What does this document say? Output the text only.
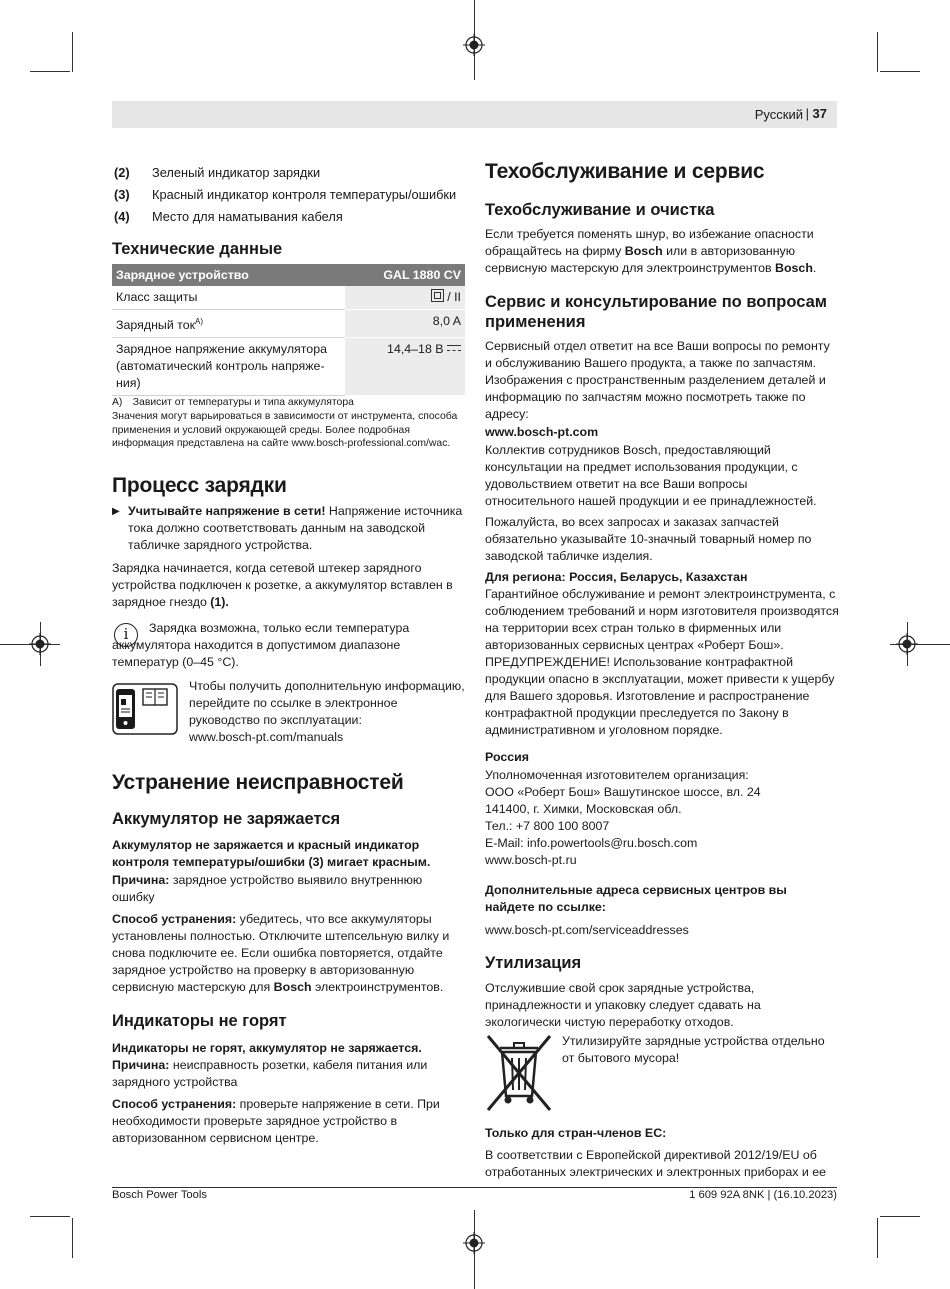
Русский | 37
(2)	Зеленый индикатор зарядки
(3)	Красный индикатор контроля температуры/ошибки
(4)	Место для наматывания кабеля
Технические данные
Зарядное устройство	GAL 1880 CV
Класс защиты	/ II
Зарядный ток$^{A)}$	8,0 A
Зарядное напряжение аккумулятора (автоматический контроль напряжения)	14,4–18 В
A) Зависит от температуры и типа аккумулятора
Значения могут варьироваться в зависимости от инструмента, способа применения и условий окружающей среды. Более подробная информация представлена на сайте www.bosch-professional.com/wac.
Процесс зарядки
▶ Учитывайте напряжение в сети! Напряжение источника тока должно соответствовать данным на заводской табличке зарядного устройства.

Зарядка начинается, когда сетевой штекер зарядного устройства подключен к розетке, а аккумулятор вставлен в зарядное гнездо (1).

i	Зарядка возможна, только если температура аккумулятора находится в допустимом диапазоне температур (0–45 °C).

Чтобы получить дополнительную информацию, перейдите по ссылке в электронное руководство по эксплуатации:

www.bosch-pt.com/manuals

Устранение неисправностей
Аккумулятор не заряжается

Аккумулятор не заряжается и красный индикатор контроля температуры/ошибки (3) мигает красным.

Причина: зарядное устройство выявило внутреннюю ошибку

Способ устранения: убедитесь, что все аккумуляторы установлены полностью. Отключите штепсельную вилку и снова подключите ее. Если ошибка повторяется, отдайте зарядное устройство на проверку в авторизованную сервисную мастерскую для Bosch электроинструментов.

Индикаторы не горят

Индикаторы не горят, аккумулятор не заряжается.

Причина: неисправность розетки, кабеля питания или зарядного устройства

Способ устранения: проверьте напряжение в сети. При необходимости проверьте зарядное устройство в авторизованном сервисном центре.

Техобслуживание и сервис
Техобслуживание и очистка

Если требуется поменять шнур, во избежание опасности обращайтесь на фирму Bosch или в авторизованную сервисную мастерскую для электроинструментов Bosch.

Сервис и консультирование по вопросам применения

Сервисный отдел ответит на все Ваши вопросы по ремонту и обслуживанию Вашего продукта, а также по запчастям. Изображения с пространственным разделением деталей и информацию по запчастям можно посмотреть также по адресу:

www.bosch-pt.com

Коллектив сотрудников Bosch, предоставляющий консультации на предмет использования продукции, с удовольствием ответит на все Ваши вопросы относительного нашей продукции и ее принадлежностей.

Пожалуйста, во всех запросах и заказах запчастей обязательно указывайте 10-значный товарный номер по заводской табличке изделия.

Для региона: Россия, Беларусь, Казахстан

Гарантийное обслуживание и ремонт электроинструмента, с соблюдением требований и норм изготовителя производятся на территории всех стран только в фирменных или авторизованных сервисных центрах «Роберт Бош». ПРЕДУПРЕЖДЕНИЕ! Использование контрафактной продукции опасно в эксплуатации, может привести к ущербу для Вашего здоровья. Изготовление и распространение контрафактной продукции преследуется по Закону в административном и уголовном порядке.

Россия

Уполномоченная изготовителем организация:

ООО «Роберт Бош» Вашутинское шоссе, вл. 24

141400, г. Химки, Московская обл.

Тел.: +7 800 100 8007

E-Mail: info.powertools@ru.bosch.com

www.bosch-pt.ru

Дополнительные адреса сервисных центров вы найдете по ссылке:

www.bosch-pt.com/serviceaddresses

Утилизация

Отслужившие свой срок зарядные устройства, принадлежности и упаковку следует сдавать на экологически чистую переработку отходов.

Утилизируйте зарядные устройства отдельно от бытового мусора!

Только для стран-членов ЕС:

В соответствии с Европейской директивой 2012/19/EU об отработанных электрических и электронных приборах и ее

Bosch Power Tools	1 609 92A 8NK | (16.10.2023)
